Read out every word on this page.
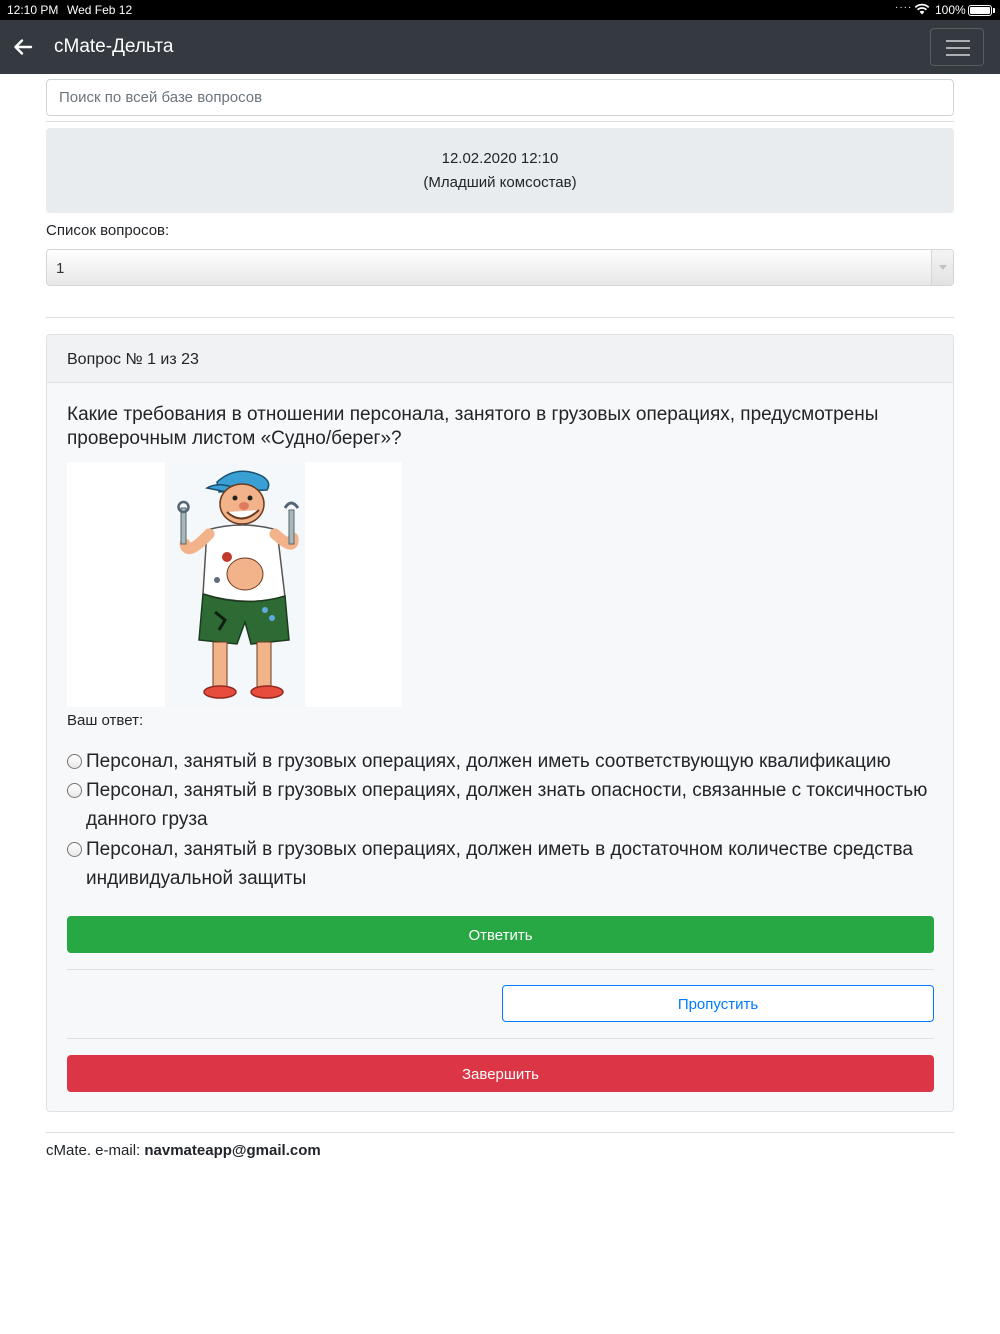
12:10 PM Wed Feb 12	···· 100%
cMate-Дельта
Поиск по всей базе вопросов
12.02.2020 12:10
(Младший комсостав)
Список вопросов:
1
Вопрос № 1 из 23
Какие требования в отношении персонала, занятого в грузовых операциях, предусмотрены проверочным листом «Судно/берег»?
Ваш ответ:
Персонал, занятый в грузовых операциях, должен иметь соответствующую квалификацию
Персонал, занятый в грузовых операциях, должен знать опасности, связанные с токсичностью данного груза
Персонал, занятый в грузовых операциях, должен иметь в достаточном количестве средства индивидуальной защиты
Ответить
Пропустить
Завершить
cMate. e-mail: navmateapp@gmail.com
